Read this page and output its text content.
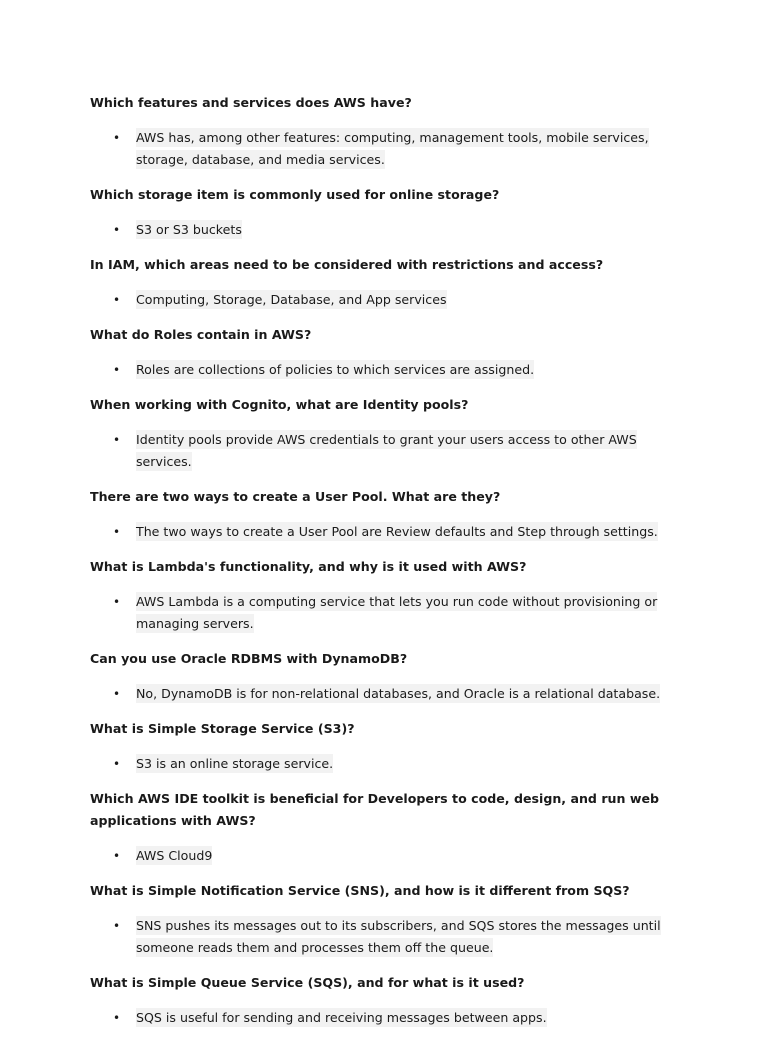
Which features and services does AWS have?

• AWS has, among other features: computing, management tools, mobile services, storage, database, and media services.

Which storage item is commonly used for online storage?

• S3 or S3 buckets

In IAM, which areas need to be considered with restrictions and access?

• Computing, Storage, Database, and App services

What do Roles contain in AWS?

• Roles are collections of policies to which services are assigned.

When working with Cognito, what are Identity pools?

• Identity pools provide AWS credentials to grant your users access to other AWS services.

There are two ways to create a User Pool. What are they?

• The two ways to create a User Pool are Review defaults and Step through settings.

What is Lambda's functionality, and why is it used with AWS?

• AWS Lambda is a computing service that lets you run code without provisioning or managing servers.

Can you use Oracle RDBMS with DynamoDB?

• No, DynamoDB is for non-relational databases, and Oracle is a relational database.

What is Simple Storage Service (S3)?

• S3 is an online storage service.

Which AWS IDE toolkit is beneficial for Developers to code, design, and run web applications with AWS?

• AWS Cloud9

What is Simple Notification Service (SNS), and how is it different from SQS?

• SNS pushes its messages out to its subscribers, and SQS stores the messages until someone reads them and processes them off the queue.

What is Simple Queue Service (SQS), and for what is it used?

• SQS is useful for sending and receiving messages between apps.
